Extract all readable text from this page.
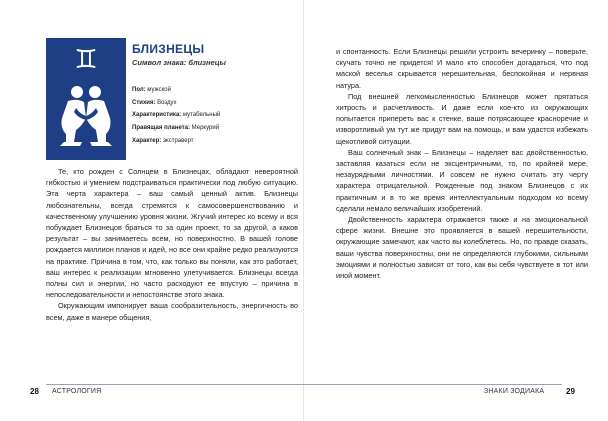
♊	БЛИЗНЕЦЫ
Символ знака: близнецы
Пол: мужской
Стихия: Воздух
Характеристика: мутабельный
Правящая планета: Меркурий
Характер: экстраверт

Те, кто рожден с Солнцем в Близнецах, обладают невероятной гибкостью и умением подстраиваться практически под любую ситуацию. Эта черта характера – ваш самый ценный актив. Близнецы любознательны, всегда стремятся к самосовершенствованию и качественному улучшению уровня жизни. Жгучий интерес ко всему и вся побуждает Близнецов браться то за один проект, то за другой, а каков результат – вы занимаетесь всем, но поверхностно. В вашей голове рождается миллион планов и идей, но все они крайне редко реализуются на практике. Причина в том, что, как только вы поняли, как это работает, ваш интерес к реализации мгновенно улетучивается. Близнецы всегда полны сил и энергии, но часто расходуют ее впустую – причина в непоследовательности и непостоянстве этого знака.

Окружающим импонирует ваша сообразительность, энергичность во всем, даже в манере общения,

28 АСТРОЛОГИЯ

и спонтанность. Если Близнецы решили устроить вечеринку – поверьте, скучать точно не придется! И мало кто способен догадаться, что под маской веселья скрывается нерешительная, беспокойная и нервная натура.

Под внешней легкомысленностью Близнецов может прятаться хитрость и расчетливость. И даже если кое-кто из окружающих попытается припереть вас к стенке, ваше потрясающее красноречие и изворотливый ум тут же придут вам на помощь, и вам удастся избежать щекотливой ситуации.

Ваш солнечный знак – Близнецы – наделяет вас двойственностью, заставляя казаться если не эксцентричными, то, по крайней мере, незаурядными личностями. И совсем не нужно считать эту черту характера отрицательной. Рожденные под знаком Близнецов с их практичным и в то же время интеллектуальным подходом ко всему сделали немало величайших изобретений.

Двойственность характера отражается также и на эмоциональной сфере жизни. Внешне это проявляется в вашей нерешительности, окружающие замечают, как часто вы колеблетесь. Но, по правде сказать, ваши чувства поверхностны, они не определяются глубокими, сильными эмоциями и полностью зависят от того, как вы себя чувствуете в тот или иной момент.

ЗНАКИ ЗОДИАКА	29
